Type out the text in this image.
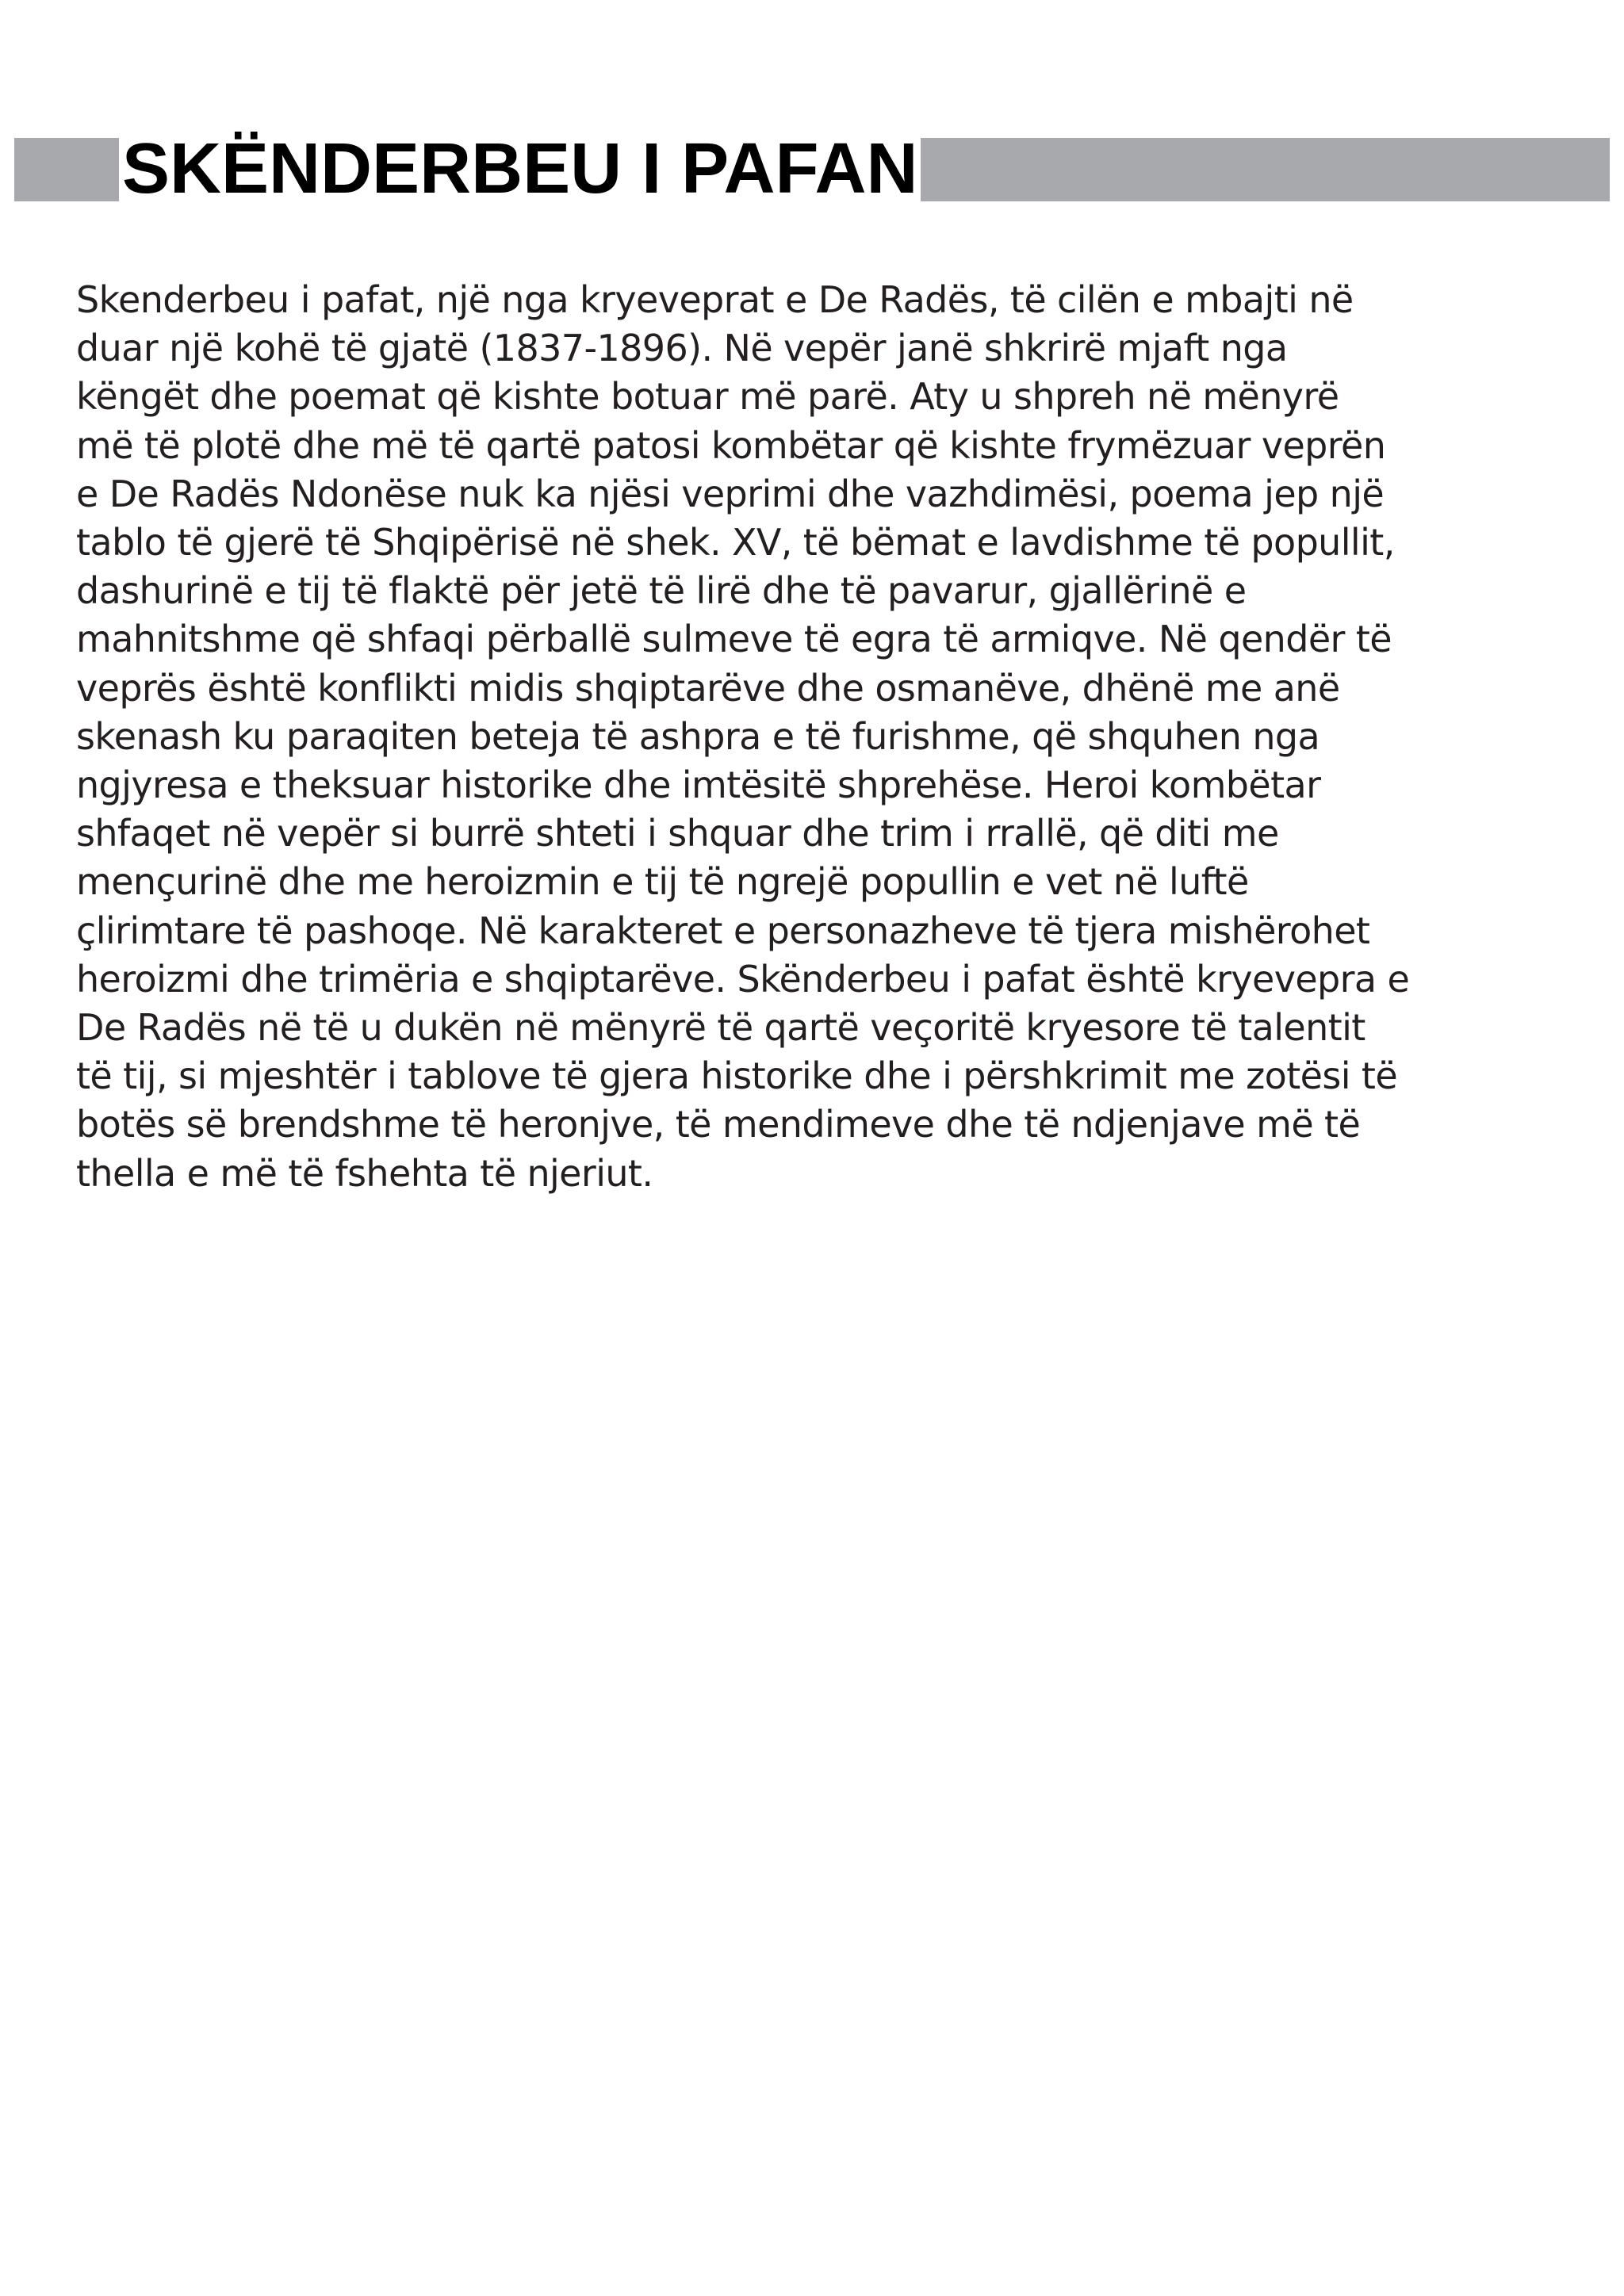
SKËNDERBEU I PAFAN
Skenderbeu i pafat, një nga kryeveprat e De Radës, të cilën e mbajti në
duar një kohë të gjatë (1837-1896). Në vepër janë shkrirë mjaft nga
këngët dhe poemat që kishte botuar më parë. Aty u shpreh në mënyrë
më të plotë dhe më të qartë patosi kombëtar që kishte frymëzuar veprën
e De Radës Ndonëse nuk ka njësi veprimi dhe vazhdimësi, poema jep një
tablo të gjerë të Shqipërisë në shek. XV, të bëmat e lavdishme të popullit,
dashurinë e tij të flaktë për jetë të lirë dhe të pavarur, gjallërinë e
mahnitshme që shfaqi përballë sulmeve të egra të armiqve. Në qendër të
veprës është konflikti midis shqiptarëve dhe osmanëve, dhënë me anë
skenash ku paraqiten beteja të ashpra e të furishme, që shquhen nga
ngjyresa e theksuar historike dhe imtësitë shprehëse. Heroi kombëtar
shfaqet në vepër si burrë shteti i shquar dhe trim i rrallë, që diti me
mençurinë dhe me heroizmin e tij të ngrejë popullin e vet në luftë
çlirimtare të pashoqe. Në karakteret e personazheve të tjera mishërohet
heroizmi dhe trimëria e shqiptarëve. Skënderbeu i pafat është kryevepra e
De Radës në të u dukën në mënyrë të qartë veçoritë kryesore të talentit
të tij, si mjeshtër i tablove të gjera historike dhe i përshkrimit me zotësi të
botës së brendshme të heronjve, të mendimeve dhe të ndjenjave më të
thella e më të fshehta të njeriut.
